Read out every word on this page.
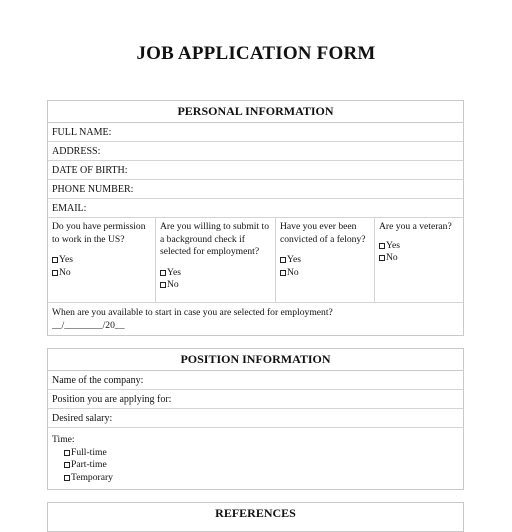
JOB APPLICATION FORM
PERSONAL INFORMATION
FULL NAME:
ADDRESS:
DATE OF BIRTH:
PHONE NUMBER:
EMAIL:
Do you have permission to work in the US?
Yes
No
Are you willing to submit to a background check if selected for employment?
Yes
No
Have you ever been convicted of a felony?
Yes
No
Are you a veteran?
Yes
No
When are you available to start in case you are selected for employment?
__/________/20__
POSITION INFORMATION
Name of the company:
Position you are applying for:
Desired salary:
Time:
Full-time
Part-time
Temporary
REFERENCES
